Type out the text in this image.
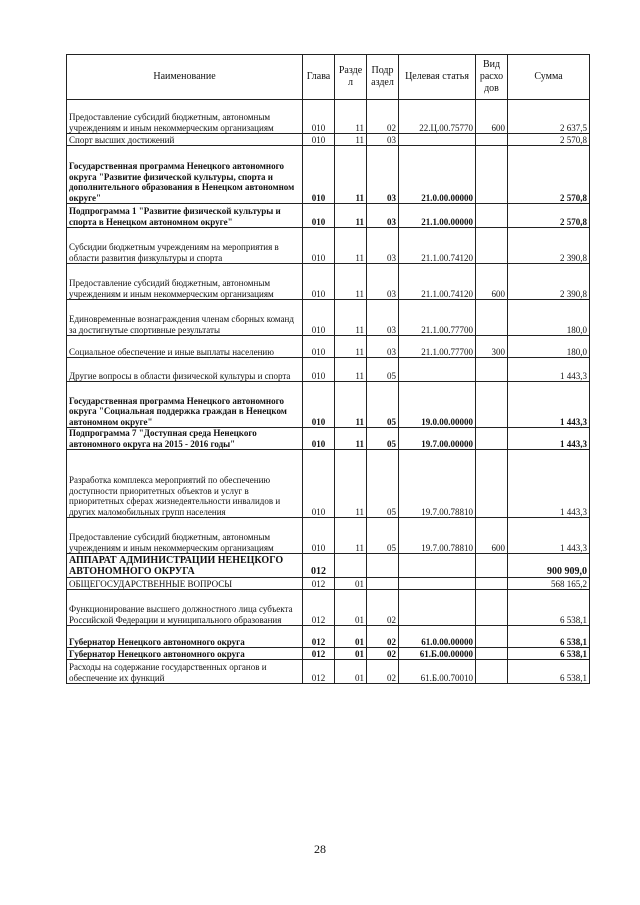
Наименование	Глава	Разде л	Подр аздел	Целевая статья	Вид расхо дов	Сумма
Предоставление субсидий бюджетным, автономным учреждениям и иным некоммерческим организациям	010	11	02	22.Ц.00.75770	600	2 637,5
Спорт высших достижений	010	11	03			2 570,8
Государственная программа Ненецкого автономного округа "Развитие физической культуры, спорта и дополнительного образования в Ненецком автономном округе"	010	11	03	21.0.00.00000		2 570,8
Подпрограмма 1 "Развитие физической культуры и спорта в Ненецком автономном округе"	010	11	03	21.1.00.00000		2 570,8
Субсидии бюджетным учреждениям на мероприятия в области развития физкультуры и спорта	010	11	03	21.1.00.74120		2 390,8
Предоставление субсидий бюджетным, автономным учреждениям и иным некоммерческим организациям	010	11	03	21.1.00.74120	600	2 390,8
Единовременные вознаграждения членам сборных команд за достигнутые спортивные результаты	010	11	03	21.1.00.77700		180,0
Социальное обеспечение и иные выплаты населению	010	11	03	21.1.00.77700	300	180,0
Другие вопросы в области физической культуры и спорта	010	11	05			1 443,3
Государственная программа Ненецкого автономного округа "Социальная поддержка граждан в Ненецком автономном округе"	010	11	05	19.0.00.00000		1 443,3
Подпрограмма 7 "Доступная среда Ненецкого автономного округа на 2015 - 2016 годы"	010	11	05	19.7.00.00000		1 443,3
Разработка комплекса мероприятий по обеспечению доступности приоритетных объектов и услуг в приоритетных сферах жизнедеятельности инвалидов и других маломобильных групп населения	010	11	05	19.7.00.78810		1 443,3
Предоставление субсидий бюджетным, автономным учреждениям и иным некоммерческим организациям	010	11	05	19.7.00.78810	600	1 443,3
АППАРАТ АДМИНИСТРАЦИИ НЕНЕЦКОГО АВТОНОМНОГО ОКРУГА	012					900 909,0
ОБЩЕГОСУДАРСТВЕННЫЕ ВОПРОСЫ	012	01				568 165,2
Функционирование высшего должностного лица субъекта Российской Федерации и муниципального образования	012	01	02			6 538,1
Губернатор Ненецкого автономного округа	012	01	02	61.0.00.00000		6 538,1
Губернатор Ненецкого автономного округа	012	01	02	61.Б.00.00000		6 538,1
Расходы на содержание государственных органов и обеспечение их функций	012	01	02	61.Б.00.70010		6 538,1
28
